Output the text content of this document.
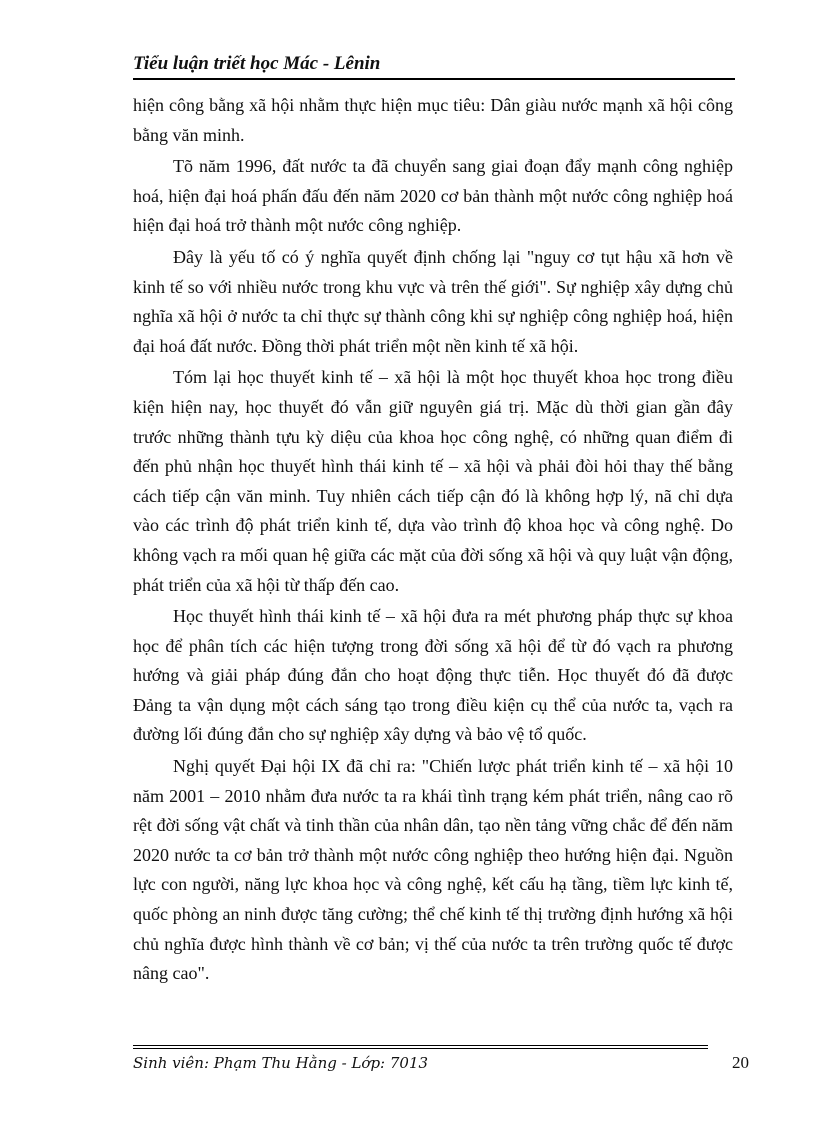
Tiểu luận triết học Mác - Lênin

hiện công bằng xã hội nhằm thực hiện mục tiêu: Dân giàu nước mạnh xã hội công bằng văn minh.

Tõ năm 1996, đất nước ta đã chuyển sang giai đoạn đẩy mạnh công nghiệp hoá, hiện đại hoá phấn đấu đến năm 2020 cơ bản thành một nước công nghiệp hoá hiện đại hoá trở thành một nước công nghiệp.

Đây là yếu tố có ý nghĩa quyết định chống lại "nguy cơ tụt hậu xã hơn về kinh tế so với nhiều nước trong khu vực và trên thế giới". Sự nghiệp xây dựng chủ nghĩa xã hội ở nước ta chỉ thực sự thành công khi sự nghiệp công nghiệp hoá, hiện đại hoá đất nước. Đồng thời phát triển một nền kinh tế xã hội.

Tóm lại học thuyết kinh tế – xã hội là một học thuyết khoa học trong điều kiện hiện nay, học thuyết đó vẫn giữ nguyên giá trị. Mặc dù thời gian gần đây trước những thành tựu kỳ diệu của khoa học công nghệ, có những quan điểm đi đến phủ nhận học thuyết hình thái kinh tế – xã hội và phải đòi hỏi thay thế bằng cách tiếp cận văn minh. Tuy nhiên cách tiếp cận đó là không hợp lý, nã chỉ dựa vào các trình độ phát triển kinh tế, dựa vào trình độ khoa học và công nghệ. Do không vạch ra mối quan hệ giữa các mặt của đời sống xã hội và quy luật vận động, phát triển của xã hội từ thấp đến cao.

Học thuyết hình thái kinh tế – xã hội đưa ra mét phương pháp thực sự khoa học để phân tích các hiện tượng trong đời sống xã hội để từ đó vạch ra phương hướng và giải pháp đúng đắn cho hoạt động thực tiễn. Học thuyết đó đã được Đảng ta vận dụng một cách sáng tạo trong điều kiện cụ thể của nước ta, vạch ra đường lối đúng đắn cho sự nghiệp xây dựng và bảo vệ tổ quốc.

Nghị quyết Đại hội IX đã chỉ ra: "Chiến lược phát triển kinh tế – xã hội 10 năm 2001 – 2010 nhằm đưa nước ta ra khái tình trạng kém phát triển, nâng cao rõ rệt đời sống vật chất và tinh thần của nhân dân, tạo nền tảng vững chắc để đến năm 2020 nước ta cơ bản trở thành một nước công nghiệp theo hướng hiện đại. Nguồn lực con người, năng lực khoa học và công nghệ, kết cấu hạ tầng, tiềm lực kinh tế, quốc phòng an ninh được tăng cường; thể chế kinh tế thị trường định hướng xã hội chủ nghĩa được hình thành về cơ bản; vị thế của nước ta trên trường quốc tế được nâng cao".

Sinh viên: Phạm Thu Hằng - Lớp: 7013	20
